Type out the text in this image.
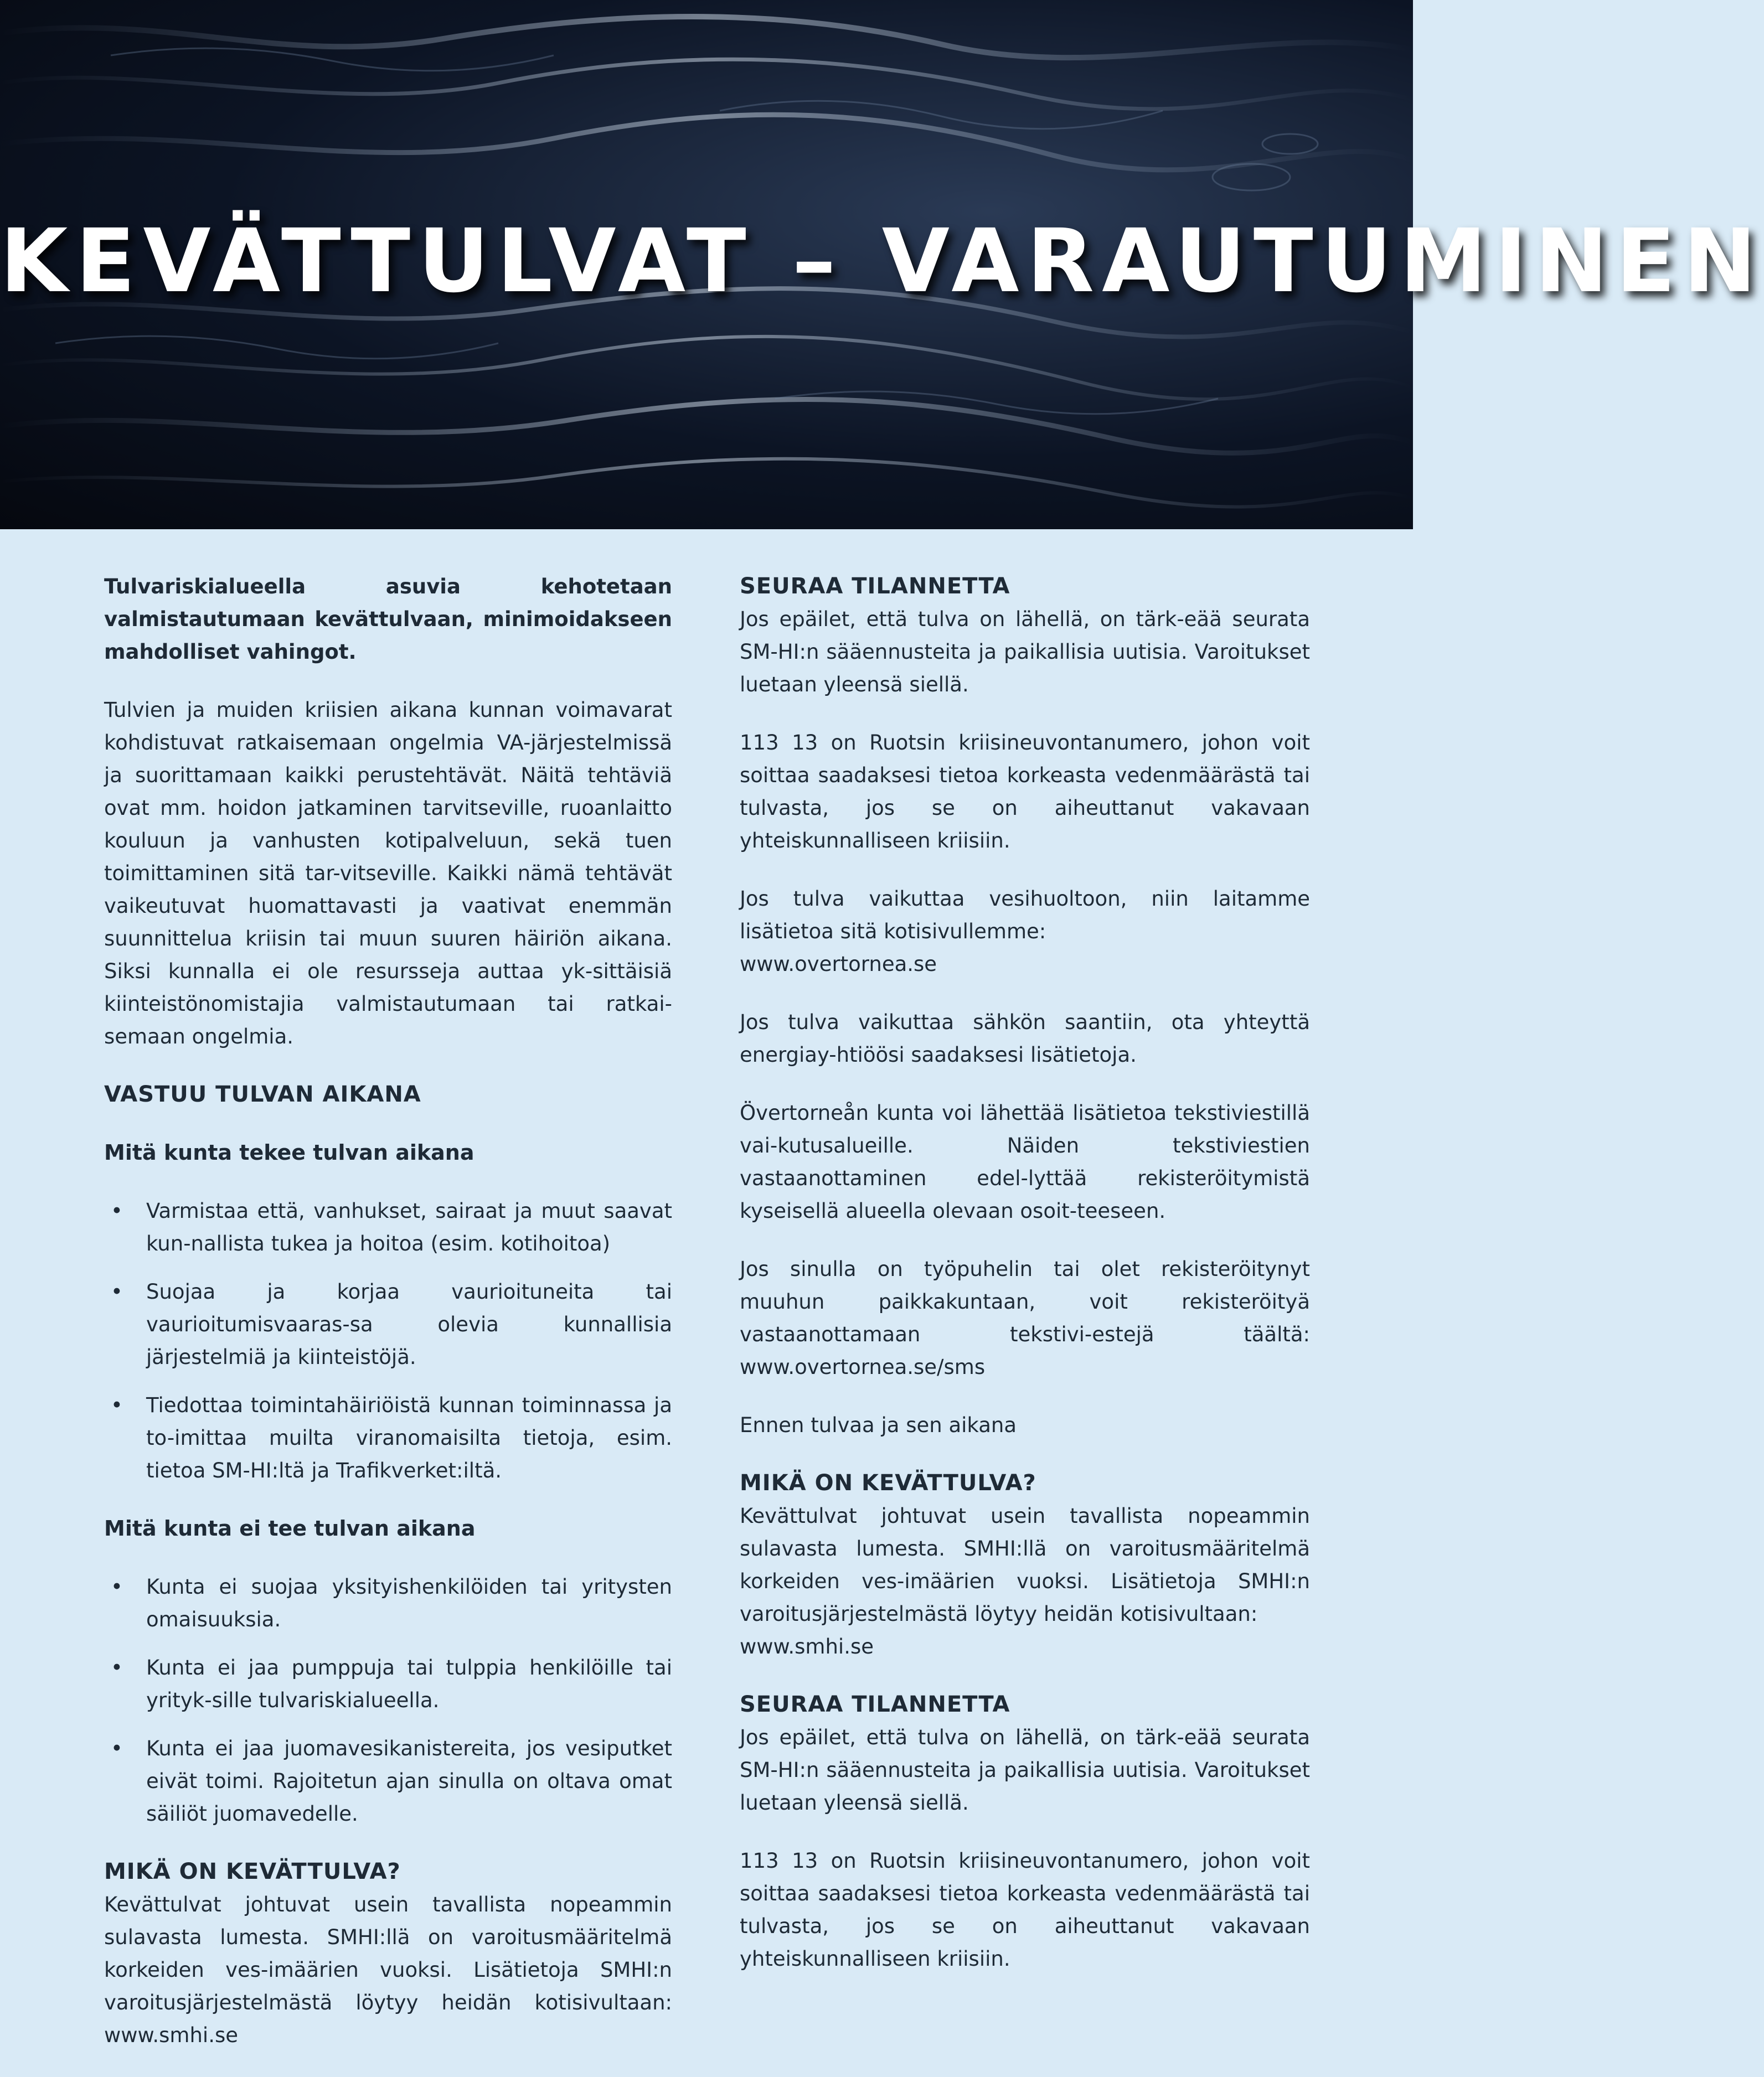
KEVÄTTULVAT – VARAUTUMINEN

Tulvariskialueella asuvia kehotetaan valmistautumaan kevättulvaan, minimoidakseen mahdolliset vahingot.

Tulvien ja muiden kriisien aikana kunnan voimavarat kohdistuvat ratkaisemaan ongelmia VA-järjestelmissä ja suorittamaan kaikki perustehtävät. Näitä tehtäviä ovat mm. hoidon jatkaminen tarvitseville, ruoanlaitto kouluun ja vanhusten kotipalveluun, sekä tuen toimittaminen sitä tar-vitseville. Kaikki nämä tehtävät vaikeutuvat huomattavasti ja vaativat enemmän suunnittelua kriisin tai muun suuren häiriön aikana. Siksi kunnalla ei ole resursseja auttaa yk-sittäisiä kiinteistönomistajia valmistautumaan tai ratkai-semaan ongelmia.

VASTUU TULVAN AIKANA
Mitä kunta tekee tulvan aikana
• Varmistaa että, vanhukset, sairaat ja muut saavat kun-nallista tukea ja hoitoa (esim. kotihoitoa)
• Suojaa ja korjaa vaurioituneita tai vaurioitumisvaaras-sa olevia kunnallisia järjestelmiä ja kiinteistöjä.
• Tiedottaa toimintahäiriöistä kunnan toiminnassa ja to-imittaa muilta viranomaisilta tietoja, esim. tietoa SM-HI:ltä ja Trafikverket:iltä.
Mitä kunta ei tee tulvan aikana
• Kunta ei suojaa yksityishenkilöiden tai yritysten omaisuuksia.
• Kunta ei jaa pumppuja tai tulppia henkilöille tai yrityk-sille tulvariskialueella.
• Kunta ei jaa juomavesikanistereita, jos vesiputket eivät toimi. Rajoitetun ajan sinulla on oltava omat säiliöt juomavedelle.
MIKÄ ON KEVÄTTULVA?

Kevättulvat johtuvat usein tavallista nopeammin sulavasta lumesta. SMHI:llä on varoitusmääritelmä korkeiden ves-imäärien vuoksi. Lisätietoja SMHI:n varoitusjärjestelmästä löytyy heidän kotisivultaan: www.smhi.se

SEURAA TILANNETTA

Jos epäilet, että tulva on lähellä, on tärk-eää seurata SM-HI:n sääennusteita ja paikallisia uutisia. Varoitukset luetaan yleensä siellä.

113 13 on Ruotsin kriisineuvontanumero, johon voit soittaa saadaksesi tietoa korkeasta vedenmäärästä tai tulvasta, jos se on aiheuttanut vakavaan yhteiskunnalliseen kriisiin.

Jos tulva vaikuttaa vesihuoltoon, niin laitamme lisätietoa sitä kotisivullemme:
www.overtornea.se

Jos tulva vaikuttaa sähkön saantiin, ota yhteyttä energiay-htiöösi saadaksesi lisätietoja.

Övertorneån kunta voi lähettää lisätietoa tekstiviestillä vai-kutusalueille. Näiden tekstiviestien vastaanottaminen edel-lyttää rekisteröitymistä kyseisellä alueella olevaan osoit-teeseen.

Jos sinulla on työpuhelin tai olet rekisteröitynyt muuhun paikkakuntaan, voit rekisteröityä vastaanottamaan tekstivi-estejä täältä: www.overtornea.se/sms

Ennen tulvaa ja sen aikana

MIKÄ ON KEVÄTTULVA?

Kevättulvat johtuvat usein tavallista nopeammin sulavasta lumesta. SMHI:llä on varoitusmääritelmä korkeiden ves-imäärien vuoksi. Lisätietoja SMHI:n varoitusjärjestelmästä löytyy heidän kotisivultaan:
www.smhi.se

SEURAA TILANNETTA

Jos epäilet, että tulva on lähellä, on tärk-eää seurata SM-HI:n sääennusteita ja paikallisia uutisia. Varoitukset luetaan yleensä siellä.

113 13 on Ruotsin kriisineuvontanumero, johon voit soittaa saadaksesi tietoa korkeasta vedenmäärästä tai tulvasta, jos se on aiheuttanut vakavaan yhteiskunnalliseen kriisiin.
